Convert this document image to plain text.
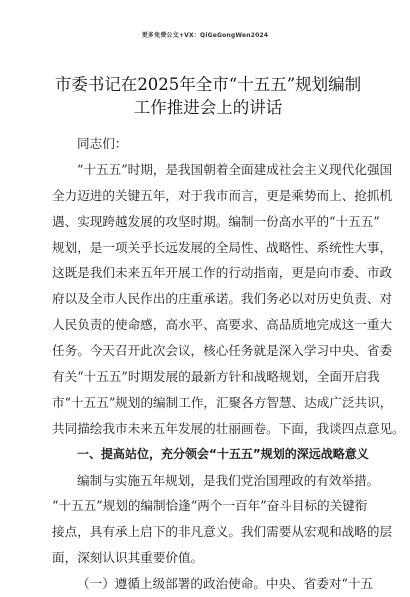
更多免费公文+VX：QiGeGongWen2024
市委书记在2025年全市“十五五”规划编制
工作推进会上的讲话
同志们：
“十五五”时期，是我国朝着全面建成社会主义现代化强国
全力迈进的关键五年，对于我市而言，更是乘势而上、抢抓机
遇、实现跨越发展的攻坚时期。编制一份高水平的“十五五”
规划，是一项关乎长远发展的全局性、战略性、系统性大事，
这既是我们未来五年开展工作的行动指南，更是向市委、市政
府以及全市人民作出的庄重承诺。我们务必以对历史负责、对
人民负责的使命感，高水平、高要求、高品质地完成这一重大
任务。今天召开此次会议，核心任务就是深入学习中央、省委
有关“十五五”时期发展的最新方针和战略规划，全面开启我
市“十五五”规划的编制工作，汇聚各方智慧、达成广泛共识，
共同描绘我市未来五年发展的壮丽画卷。下面，我谈四点意见。
一、提高站位，充分领会“十五五”规划的深远战略意义
编制与实施五年规划，是我们党治国理政的有效举措。
“十五五”规划的编制恰逢“两个一百年”奋斗目标的关键衔
接点，具有承上启下的非凡意义。我们需要从宏观和战略的层
面，深刻认识其重要价值。
（一）遵循上级部署的政治使命。中央、省委对“十五
